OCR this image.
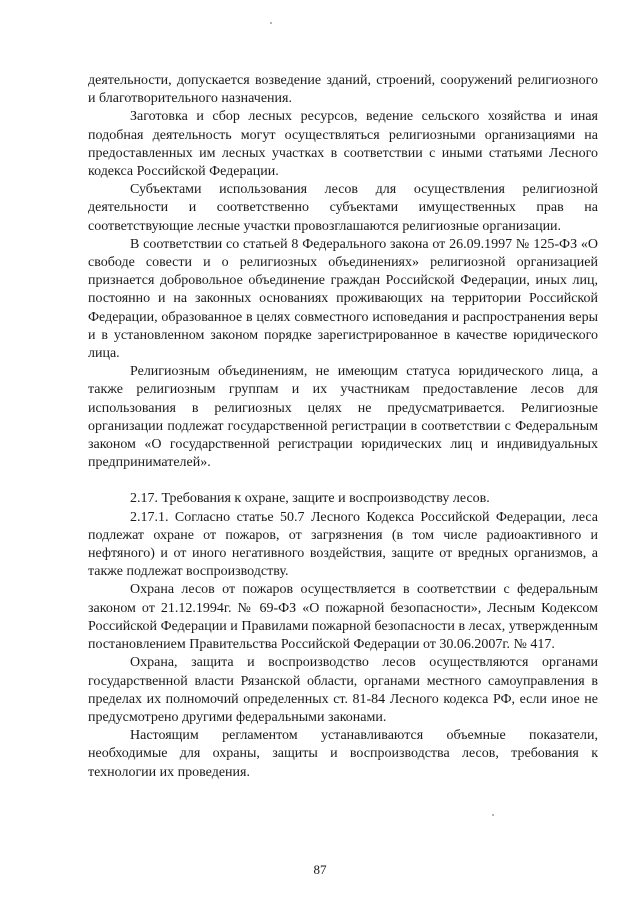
деятельности, допускается возведение зданий, строений, сооружений религиозного и благотворительного назначения.

Заготовка и сбор лесных ресурсов, ведение сельского хозяйства и иная подобная деятельность могут осуществляться религиозными организациями на предоставленных им лесных участках в соответствии с иными статьями Лесного кодекса Российской Федерации.

Субъектами использования лесов для осуществления религиозной деятельности и соответственно субъектами имущественных прав на соответствующие лесные участки провозглашаются религиозные организации.

В соответствии со статьей 8 Федерального закона от 26.09.1997 № 125-ФЗ «О свободе совести и о религиозных объединениях» религиозной организацией признается добровольное объединение граждан Российской Федерации, иных лиц, постоянно и на законных основаниях проживающих на территории Российской Федерации, образованное в целях совместного исповедания и распространения веры и в установленном законом порядке зарегистрированное в качестве юридического лица.

Религиозным объединениям, не имеющим статуса юридического лица, а также религиозным группам и их участникам предоставление лесов для использования в религиозных целях не предусматривается. Религиозные организации подлежат государственной регистрации в соответствии с Федеральным законом «О государственной регистрации юридических лиц и индивидуальных предпринимателей».

2.17. Требования к охране, защите и воспроизводству лесов.

2.17.1. Согласно статье 50.7 Лесного Кодекса Российской Федерации, леса подлежат охране от пожаров, от загрязнения (в том числе радиоактивного и нефтяного) и от иного негативного воздействия, защите от вредных организмов, а также подлежат воспроизводству.

Охрана лесов от пожаров осуществляется в соответствии с федеральным законом от 21.12.1994г. № 69-ФЗ «О пожарной безопасности», Лесным Кодексом Российской Федерации и Правилами пожарной безопасности в лесах, утвержденным постановлением Правительства Российской Федерации от 30.06.2007г. № 417.

Охрана, защита и воспроизводство лесов осуществляются органами государственной власти Рязанской области, органами местного самоуправления в пределах их полномочий определенных ст. 81-84 Лесного кодекса РФ, если иное не предусмотрено другими федеральными законами.

Настоящим регламентом устанавливаются объемные показатели, необходимые для охраны, защиты и воспроизводства лесов, требования к технологии их проведения.

87
